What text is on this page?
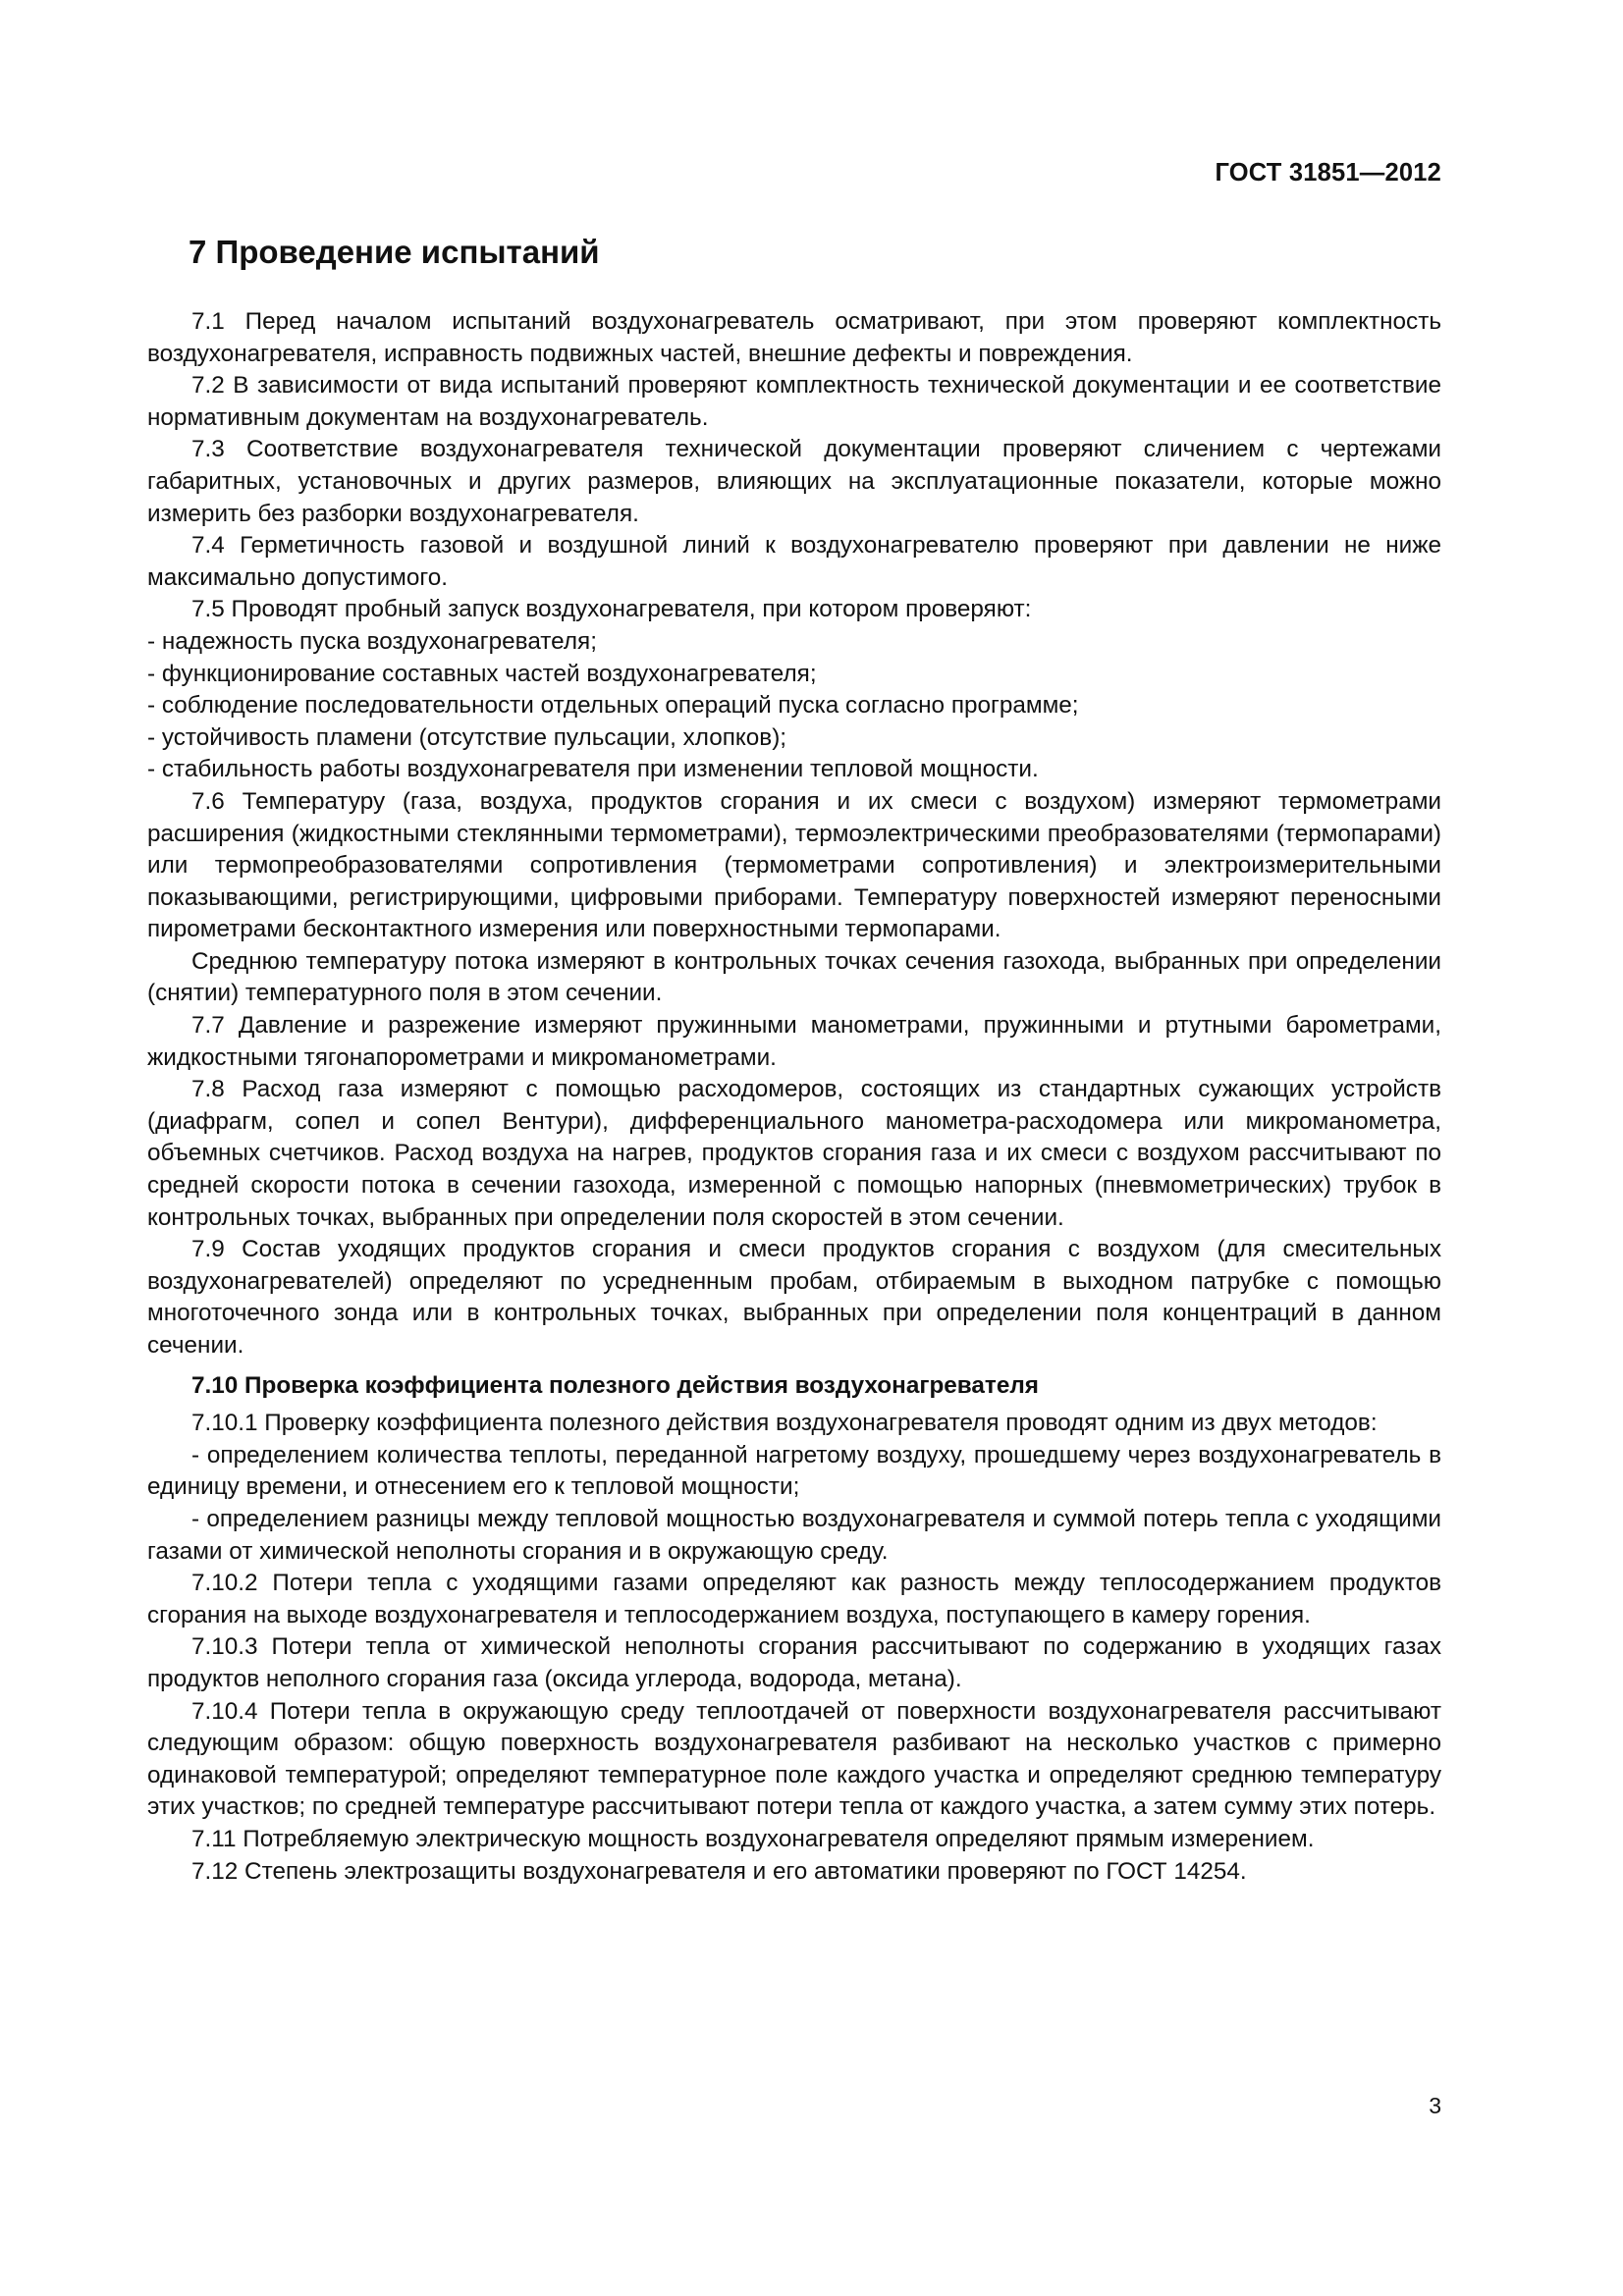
ГОСТ 31851—2012
7 Проведение испытаний

7.1 Перед началом испытаний воздухонагреватель осматривают, при этом проверяют комплектность воздухонагревателя, исправность подвижных частей, внешние дефекты и повреждения.

7.2 В зависимости от вида испытаний проверяют комплектность технической документации и ее соответствие нормативным документам на воздухонагреватель.

7.3 Соответствие воздухонагревателя технической документации проверяют сличением с чертежами габаритных, установочных и других размеров, влияющих на эксплуатационные показатели, которые можно измерить без разборки воздухонагревателя.

7.4 Герметичность газовой и воздушной линий к воздухонагревателю проверяют при давлении не ниже максимально допустимого.

7.5 Проводят пробный запуск воздухонагревателя, при котором проверяют:

- надежность пуска воздухонагревателя;

- функционирование составных частей воздухонагревателя;

- соблюдение последовательности отдельных операций пуска согласно программе;

- устойчивость пламени (отсутствие пульсации, хлопков);

- стабильность работы воздухонагревателя при изменении тепловой мощности.

7.6 Температуру (газа, воздуха, продуктов сгорания и их смеси с воздухом) измеряют термометрами расширения (жидкостными стеклянными термометрами), термоэлектрическими преобразователями (термопарами) или термопреобразователями сопротивления (термометрами сопротивления) и электроизмерительными показывающими, регистрирующими, цифровыми приборами. Температуру поверхностей измеряют переносными пирометрами бесконтактного измерения или поверхностными термопарами.

Среднюю температуру потока измеряют в контрольных точках сечения газохода, выбранных при определении (снятии) температурного поля в этом сечении.

7.7 Давление и разрежение измеряют пружинными манометрами, пружинными и ртутными барометрами, жидкостными тягонапорометрами и микроманометрами.

7.8 Расход газа измеряют с помощью расходомеров, состоящих из стандартных сужающих устройств (диафрагм, сопел и сопел Вентури), дифференциального манометра-расходомера или микроманометра, объемных счетчиков. Расход воздуха на нагрев, продуктов сгорания газа и их смеси с воздухом рассчитывают по средней скорости потока в сечении газохода, измеренной с помощью напорных (пневмометрических) трубок в контрольных точках, выбранных при определении поля скоростей в этом сечении.

7.9 Состав уходящих продуктов сгорания и смеси продуктов сгорания с воздухом (для смесительных воздухонагревателей) определяют по усредненным пробам, отбираемым в выходном патрубке с помощью многоточечного зонда или в контрольных точках, выбранных при определении поля концентраций в данном сечении.

7.10 Проверка коэффициента полезного действия воздухонагревателя

7.10.1 Проверку коэффициента полезного действия воздухонагревателя проводят одним из двух методов:

- определением количества теплоты, переданной нагретому воздуху, прошедшему через воздухонагреватель в единицу времени, и отнесением его к тепловой мощности;

- определением разницы между тепловой мощностью воздухонагревателя и суммой потерь тепла с уходящими газами от химической неполноты сгорания и в окружающую среду.

7.10.2 Потери тепла с уходящими газами определяют как разность между теплосодержанием продуктов сгорания на выходе воздухонагревателя и теплосодержанием воздуха, поступающего в камеру горения.

7.10.3 Потери тепла от химической неполноты сгорания рассчитывают по содержанию в уходящих газах продуктов неполного сгорания газа (оксида углерода, водорода, метана).

7.10.4 Потери тепла в окружающую среду теплоотдачей от поверхности воздухонагревателя рассчитывают следующим образом: общую поверхность воздухонагревателя разбивают на несколько участков с примерно одинаковой температурой; определяют температурное поле каждого участка и определяют среднюю температуру этих участков; по средней температуре рассчитывают потери тепла от каждого участка, а затем сумму этих потерь.

7.11 Потребляемую электрическую мощность воздухонагревателя определяют прямым измерением.

7.12 Степень электрозащиты воздухонагревателя и его автоматики проверяют по ГОСТ 14254.

3
